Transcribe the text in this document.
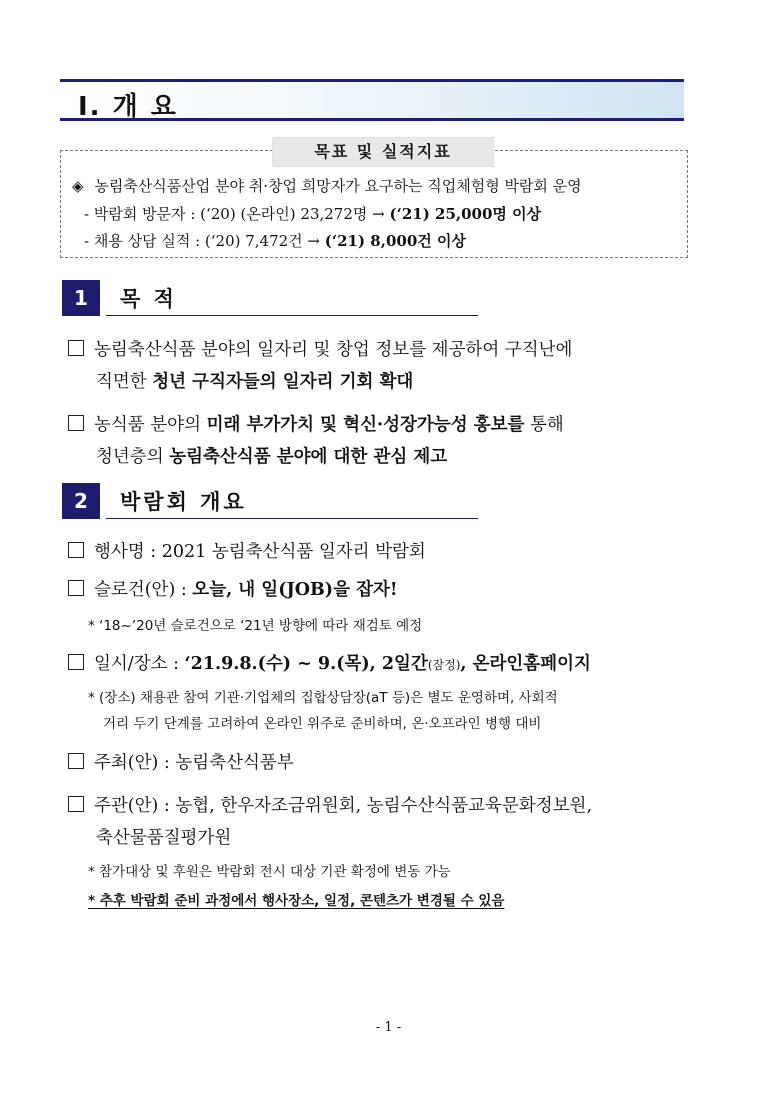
Ⅰ. 개 요
목표 및 실적지표
◈ 농림축산식품산업 분야 취·창업 희망자가 요구하는 직업체험형 박람회 운영
- 박람회 방문자 : (‘20) (온라인) 23,272명 → (‘21) 25,000명 이상
- 채용 상담 실적 : (‘20) 7,472건 → (‘21) 8,000건 이상
1	목 적
농림축산식품 분야의 일자리 및 창업 정보를 제공하여 구직난에
직면한 청년 구직자들의 일자리 기회 확대
농식품 분야의 미래 부가가치 및 혁신·성장가능성 홍보를 통해
청년층의 농림축산식품 분야에 대한 관심 제고
2	박람회 개요
행사명 : 2021 농림축산식품 일자리 박람회
슬로건(안) : 오늘, 내 일(JOB)을 잡자!
* ‘18~’20년 슬로건으로 ‘21년 방향에 따라 재검토 예정
일시/장소 : ‘21.9.8.(수) ~ 9.(목), 2일간(잠정), 온라인홈페이지
* (장소) 채용관 참여 기관·기업체의 집합상담장(aT 등)은 별도 운영하며, 사회적
거리 두기 단계를 고려하여 온라인 위주로 준비하며, 온·오프라인 병행 대비
주최(안) : 농림축산식품부
주관(안) : 농협, 한우자조금위원회, 농림수산식품교육문화정보원,
축산물품질평가원
* 참가대상 및 후원은 박람회 전시 대상 기관 확정에 변동 가능
* 추후 박람회 준비 과정에서 행사장소, 일정, 콘텐츠가 변경될 수 있음
- 1 -
